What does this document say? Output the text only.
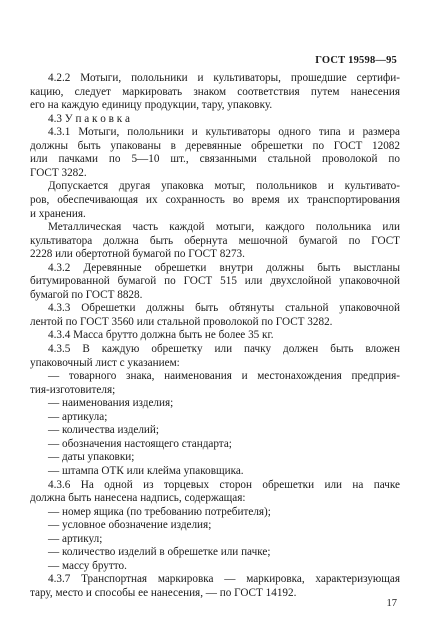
ГОСТ 19598—95
4.2.2 Мотыги, полольники и культиваторы, прошедшие сертифи-
кацию, следует маркировать знаком соответствия путем нанесения
его на каждую единицу продукции, тару, упаковку.
4.3 У п а к о в к а
4.3.1 Мотыги, полольники и культиваторы одного типа и размера
должны быть упакованы в деревянные обрешетки по ГОСТ 12082
или пачками по 5—10 шт., связанными стальной проволокой по
ГОСТ 3282.
Допускается другая упаковка мотыг, полольников и культивато-
ров, обеспечивающая их сохранность во время их транспортирования
и хранения.
Металлическая часть каждой мотыги, каждого полольника или
культиватора должна быть обернута мешочной бумагой по ГОСТ
2228 или обертотной бумагой по ГОСТ 8273.
4.3.2 Деревянные обрешетки внутри должны быть выстланы
битумированной бумагой по ГОСТ 515 или двухслойной упаковочной
бумагой по ГОСТ 8828.
4.3.3 Обрешетки должны быть обтянуты стальной упаковочной
лентой по ГОСТ 3560 или стальной проволокой по ГОСТ 3282.
4.3.4 Масса брутто должна быть не более 35 кг.
4.3.5 В каждую обрешетку или пачку должен быть вложен
упаковочный лист с указанием:
— товарного знака, наименования и местонахождения предприя-
тия-изготовителя;
— наименования изделия;
— артикула;
— количества изделий;
— обозначения настоящего стандарта;
— даты упаковки;
— штампа ОТК или клейма упаковщика.
4.3.6 На одной из торцевых сторон обрешетки или на пачке
должна быть нанесена надпись, содержащая:
— номер ящика (по требованию потребителя);
— условное обозначение изделия;
— артикул;
— количество изделий в обрешетке или пачке;
— массу брутто.
4.3.7 Транспортная маркировка — маркировка, характеризующая
тару, место и способы ее нанесения, — по ГОСТ 14192.
17
